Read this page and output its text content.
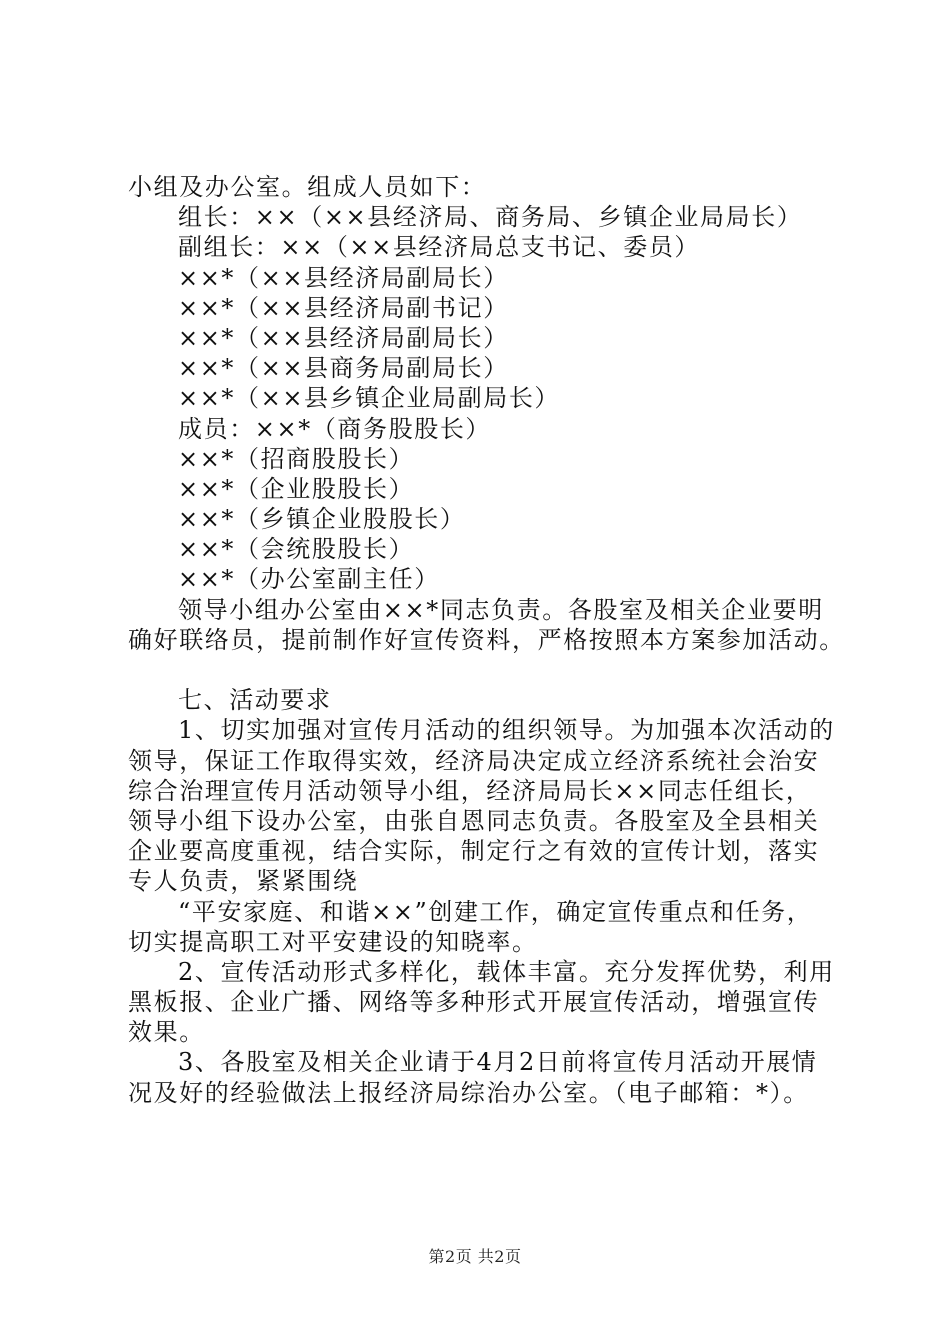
小组及办公室。组成人员如下：
组长：××（××县经济局、商务局、乡镇企业局局长）
副组长：××（××县经济局总支书记、委员）
××*（××县经济局副局长）
××*（××县经济局副书记）
××*（××县经济局副局长）
××*（××县商务局副局长）
××*（××县乡镇企业局副局长）
成员：××*（商务股股长）
××*（招商股股长）
××*（企业股股长）
××*（乡镇企业股股长）
××*（会统股股长）
××*（办公室副主任）
领导小组办公室由××*同志负责。各股室及相关企业要明
确好联络员，提前制作好宣传资料，严格按照本方案参加活动。
七、活动要求
1、切实加强对宣传月活动的组织领导。为加强本次活动的
领导，保证工作取得实效，经济局决定成立经济系统社会治安
综合治理宣传月活动领导小组，经济局局长××同志任组长，
领导小组下设办公室，由张自恩同志负责。各股室及全县相关
企业要高度重视，结合实际，制定行之有效的宣传计划，落实
专人负责，紧紧围绕
“平安家庭、和谐××”创建工作，确定宣传重点和任务，
切实提高职工对平安建设的知晓率。
2、宣传活动形式多样化，载体丰富。充分发挥优势，利用
黑板报、企业广播、网络等多种形式开展宣传活动，增强宣传
效果。
3、各股室及相关企业请于4月2日前将宣传月活动开展情
况及好的经验做法上报经济局综治办公室。（电子邮箱：*）。
第2页 共2页
